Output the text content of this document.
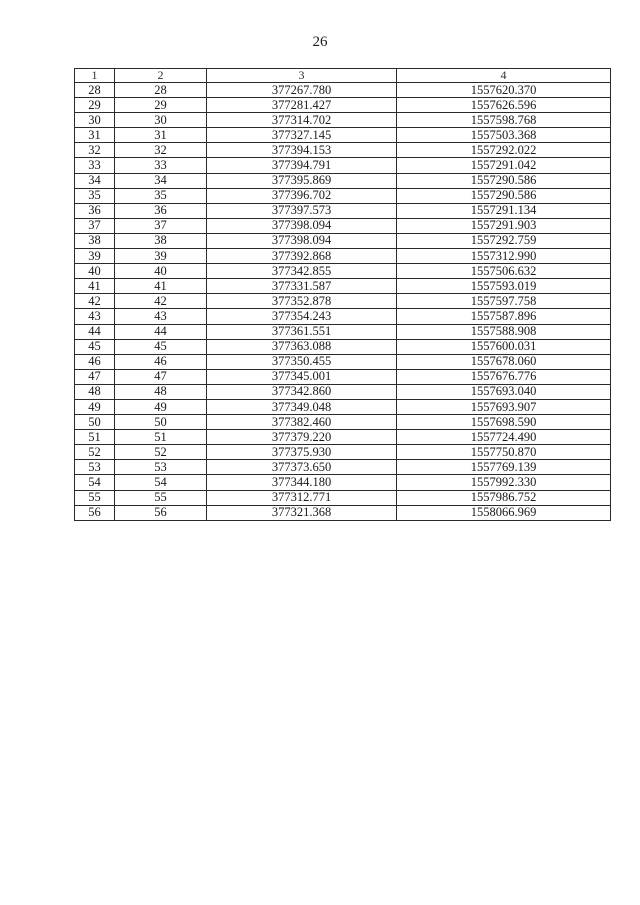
26
1	2	3	4
28	28	377267.780	1557620.370
29	29	377281.427	1557626.596
30	30	377314.702	1557598.768
31	31	377327.145	1557503.368
32	32	377394.153	1557292.022
33	33	377394.791	1557291.042
34	34	377395.869	1557290.586
35	35	377396.702	1557290.586
36	36	377397.573	1557291.134
37	37	377398.094	1557291.903
38	38	377398.094	1557292.759
39	39	377392.868	1557312.990
40	40	377342.855	1557506.632
41	41	377331.587	1557593.019
42	42	377352.878	1557597.758
43	43	377354.243	1557587.896
44	44	377361.551	1557588.908
45	45	377363.088	1557600.031
46	46	377350.455	1557678.060
47	47	377345.001	1557676.776
48	48	377342.860	1557693.040
49	49	377349.048	1557693.907
50	50	377382.460	1557698.590
51	51	377379.220	1557724.490
52	52	377375.930	1557750.870
53	53	377373.650	1557769.139
54	54	377344.180	1557992.330
55	55	377312.771	1557986.752
56	56	377321.368	1558066.969
